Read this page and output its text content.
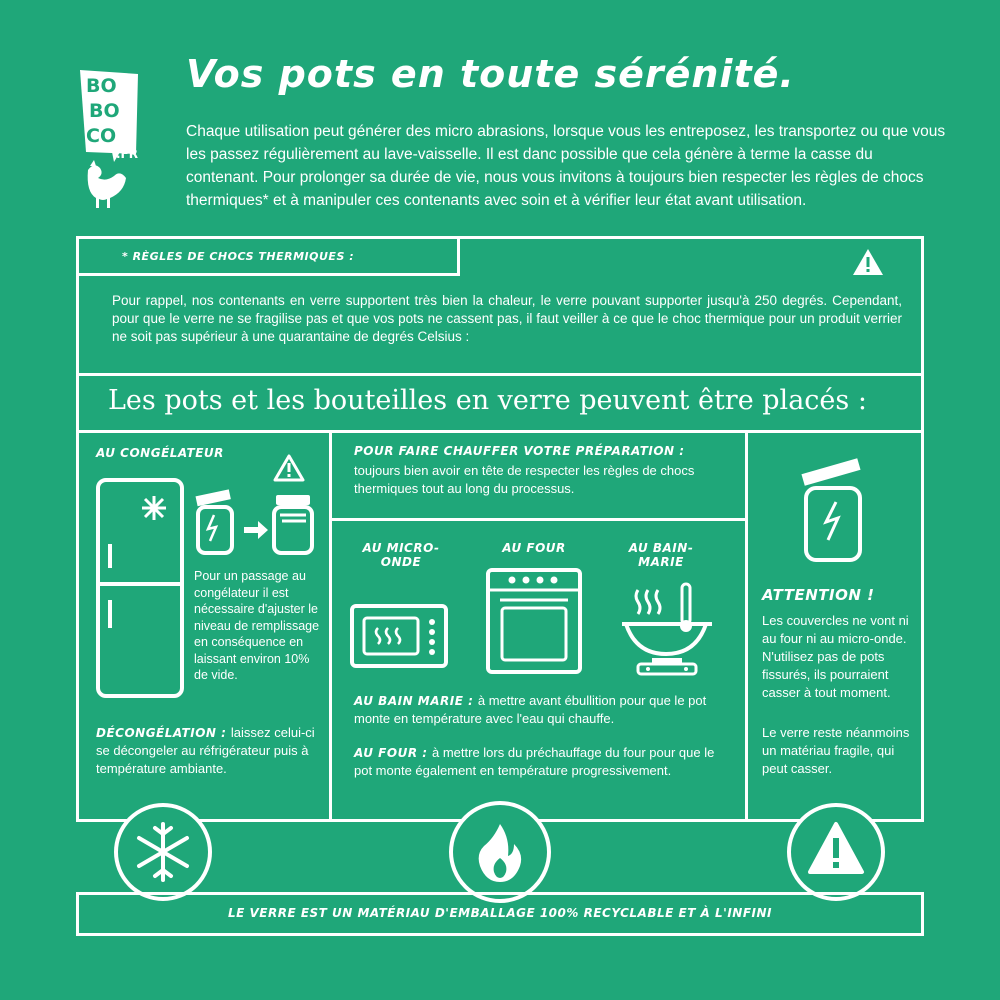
BO
BO
CO
.FR
Vos pots en toute sérénité.
Chaque utilisation peut générer des micro abrasions, lorsque vous les entreposez, les transportez ou que vous les passez régulièrement au lave-vaisselle. Il est danc possible que cela génère à terme la casse du contenant. Pour prolonger sa durée de vie, nous vous invitons à toujours bien respecter les règles de chocs thermiques* et à manipuler ces contenants avec soin et à vérifier leur état avant utilisation.
* RÈGLES DE CHOCS THERMIQUES :
Pour rappel, nos contenants en verre supportent très bien la chaleur, le verre pouvant supporter jusqu'à 250 degrés. Cependant, pour que le verre ne se fragilise pas et que vos pots ne cassent pas, il faut veiller à ce que le choc thermique pour un produit verrier ne soit pas supérieur à une quarantaine de degrés Celsius :
Les pots et les bouteilles en verre peuvent être placés :
AU CONGÉLATEUR
Pour un passage au congélateur il est nécessaire d'ajuster le niveau de remplissage en conséquence en laissant environ 10% de vide.
DÉCONGÉLATION : laissez celui-ci se décongeler au réfrigérateur puis à température ambiante.
POUR FAIRE CHAUFFER VOTRE PRÉPARATION :
toujours bien avoir en tête de respecter les règles de chocs thermiques tout au long du processus.
AU MICRO-ONDE
AU FOUR	AU BAIN-MARIE
AU BAIN MARIE : à mettre avant ébullition pour que le pot monte en température avec l'eau qui chauffe.
AU FOUR : à mettre lors du préchauffage du four pour que le pot monte également en température progressivement.
ATTENTION !
Les couvercles ne vont ni au four ni au micro-onde. N'utilisez pas de pots fissurés, ils pourraient casser à tout moment.
Le verre reste néanmoins un matériau fragile, qui peut casser.
LE VERRE EST UN MATÉRIAU D'EMBALLAGE 100% RECYCLABLE ET À L'INFINI
